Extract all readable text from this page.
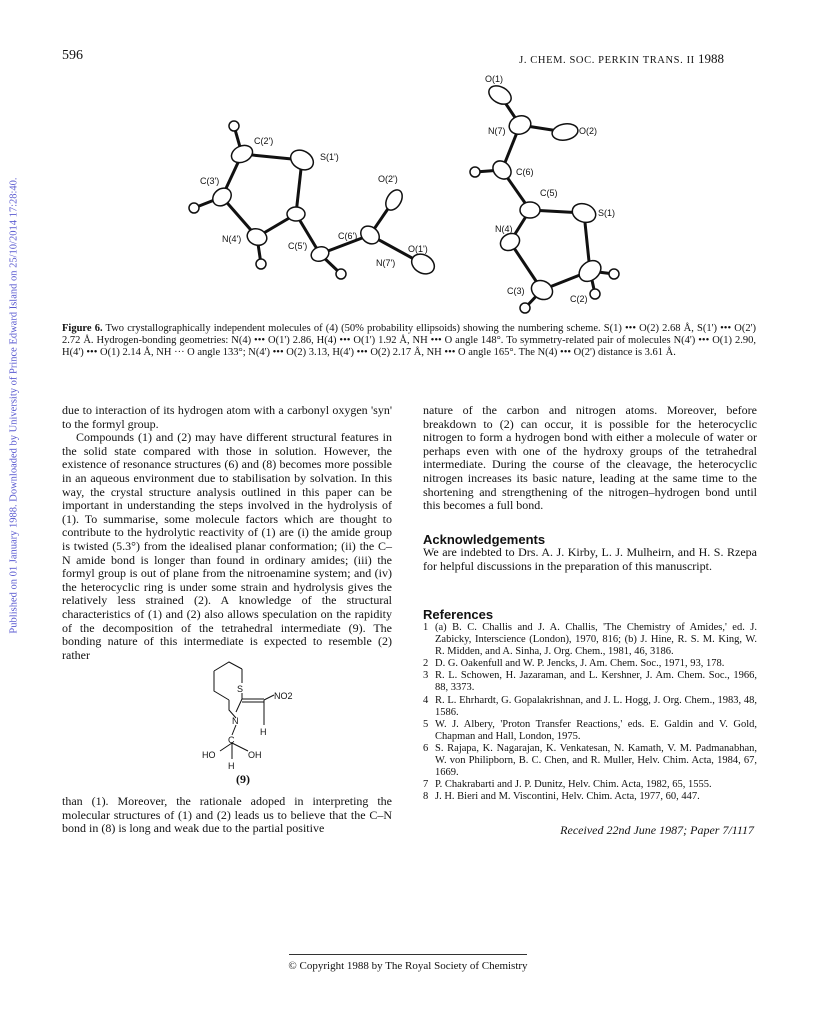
596	J. CHEM. SOC. PERKIN TRANS. II 1988
Published on 01 January 1988. Downloaded by University of Prince Edward Island on 25/10/2014 17:28:40.
C(2')
S(1')
C(3')	O(2')
N(4')
C(5')
C(6')
O(1')
N(7')
O(1)
N(7)	O(2)
C(6)
C(5)
N(4)
S(1)
C(3)
C(2)
Figure 6. Two crystallographically independent molecules of (4) (50% probability ellipsoids) showing the numbering scheme. S(1) ••• O(2) 2.68 Å, S(1') ••• O(2') 2.72 Å. Hydrogen-bonding geometries: N(4) ••• O(1') 2.86, H(4) ••• O(1') 1.92 Å, NH ••• O angle 148°. To symmetry-related pair of molecules N(4') ••• O(1) 2.90, H(4') ••• O(1) 2.14 Å, NH ··· O angle 133°; N(4') ••• O(2) 3.13, H(4') ••• O(2) 2.17 Å, NH ••• O angle 165°. The N(4) ••• O(2') distance is 3.61 Å.

due to interaction of its hydrogen atom with a carbonyl oxygen 'syn' to the formyl group.

Compounds (1) and (2) may have different structural features in the solid state compared with those in solution. However, the existence of resonance structures (6) and (8) becomes more possible in an aqueous environment due to stabilisation by solvation. In this way, the crystal structure analysis outlined in this paper can be important in understanding the steps involved in the hydrolysis of (1). To summarise, some molecule factors which are thought to contribute to the hydrolytic reactivity of (1) are (i) the amide group is twisted (5.3°) from the idealised planar conformation; (ii) the C–N amide bond is longer than found in ordinary amides; (iii) the formyl group is out of plane from the nitroenamine system; and (iv) the heterocyclic ring is under some strain and hydrolysis gives the relatively less strained (2). A knowledge of the structural characteristics of (1) and (2) also allows speculation on the rapidity of the decomposition of the tetrahedral intermediate (9). The bonding nature of this intermediate is expected to resemble (2) rather

S
N
NO2
H
HO
C
OH
H
(9)

than (1). Moreover, the rationale adoped in interpreting the molecular structures of (1) and (2) leads us to believe that the C–N bond in (8) is long and weak due to the partial positive

nature of the carbon and nitrogen atoms. Moreover, before breakdown to (2) can occur, it is possible for the heterocyclic nitrogen to form a hydrogen bond with either a molecule of water or perhaps even with one of the hydroxy groups of the tetrahedral intermediate. During the course of the cleavage, the heterocyclic nitrogen increases its basic nature, leading at the same time to the shortening and strengthening of the nitrogen–hydrogen bond until this becomes a full bond.

Acknowledgements
We are indebted to Drs. A. J. Kirby, L. J. Mulheirn, and H. S. Rzepa for helpful discussions in the preparation of this manuscript.
References
1 (a) B. C. Challis and J. A. Challis, 'The Chemistry of Amides,' ed. J. Zabicky, Interscience (London), 1970, 816; (b) J. Hine, R. S. M. King, W. R. Midden, and A. Sinha, J. Org. Chem., 1981, 46, 3186.
2 D. G. Oakenfull and W. P. Jencks, J. Am. Chem. Soc., 1971, 93, 178.
3 R. L. Schowen, H. Jazaraman, and L. Kershner, J. Am. Chem. Soc., 1966, 88, 3373.
4 R. L. Ehrhardt, G. Gopalakrishnan, and J. L. Hogg, J. Org. Chem., 1983, 48, 1586.
5 W. J. Albery, 'Proton Transfer Reactions,' eds. E. Galdin and V. Gold, Chapman and Hall, London, 1975.
6 S. Rajapa, K. Nagarajan, K. Venkatesan, N. Kamath, V. M. Padmanabhan, W. von Philipborn, B. C. Chen, and R. Muller, Helv. Chim. Acta, 1984, 67, 1669.
7 P. Chakrabarti and J. P. Dunitz, Helv. Chim. Acta, 1982, 65, 1555.
8 J. H. Bieri and M. Viscontini, Helv. Chim. Acta, 1977, 60, 447.
Received 22nd June 1987; Paper 7/1117
© Copyright 1988 by The Royal Society of Chemistry
